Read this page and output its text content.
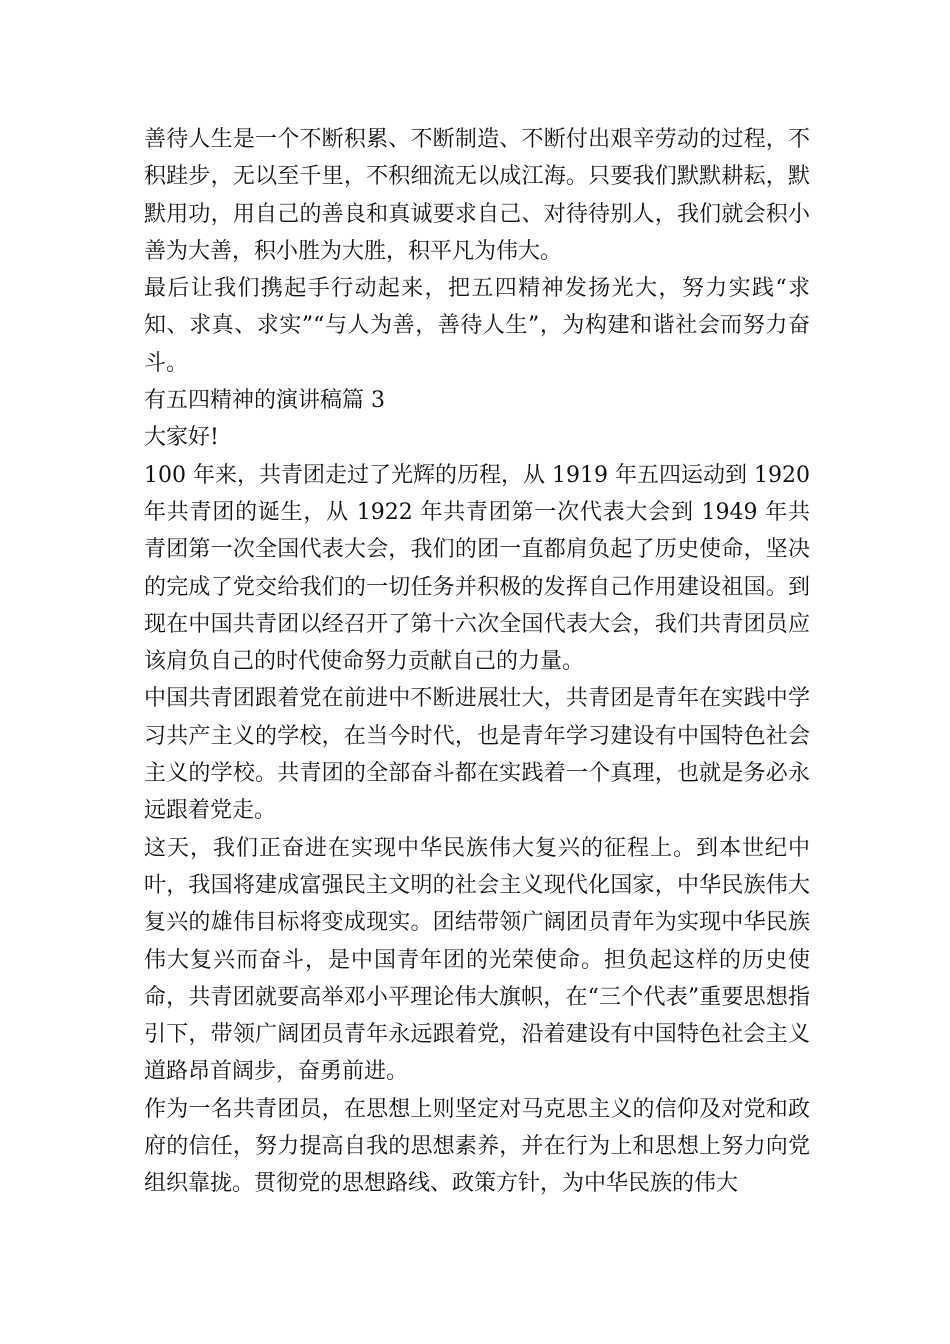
善待人生是一个不断积累、不断制造、不断付出艰辛劳动的过程，不积跬步，无以至千里，不积细流无以成江海。只要我们默默耕耘，默默用功，用自己的善良和真诚要求自己、对待待别人，我们就会积小善为大善，积小胜为大胜，积平凡为伟大。

最后让我们携起手行动起来，把五四精神发扬光大，努力实践“求知、求真、求实”“与人为善，善待人生”，为构建和谐社会而努力奋斗。

有五四精神的演讲稿篇 3

大家好!

100 年来，共青团走过了光辉的历程，从 1919 年五四运动到 1920 年共青团的诞生，从 1922 年共青团第一次代表大会到 1949 年共青团第一次全国代表大会，我们的团一直都肩负起了历史使命，坚决的完成了党交给我们的一切任务并积极的发挥自己作用建设祖国。到现在中国共青团以经召开了第十六次全国代表大会，我们共青团员应该肩负自己的时代使命努力贡献自己的力量。

中国共青团跟着党在前进中不断进展壮大，共青团是青年在实践中学习共产主义的学校，在当今时代，也是青年学习建设有中国特色社会主义的学校。共青团的全部奋斗都在实践着一个真理，也就是务必永远跟着党走。

这天，我们正奋进在实现中华民族伟大复兴的征程上。到本世纪中叶，我国将建成富强民主文明的社会主义现代化国家，中华民族伟大复兴的雄伟目标将变成现实。团结带领广阔团员青年为实现中华民族伟大复兴而奋斗，是中国青年团的光荣使命。担负起这样的历史使命，共青团就要高举邓小平理论伟大旗帜，在“三个代表”重要思想指引下，带领广阔团员青年永远跟着党，沿着建设有中国特色社会主义道路昂首阔步，奋勇前进。

作为一名共青团员，在思想上则坚定对马克思主义的信仰及对党和政府的信任，努力提高自我的思想素养，并在行为上和思想上努力向党组织靠拢。贯彻党的思想路线、政策方针，为中华民族的伟大
